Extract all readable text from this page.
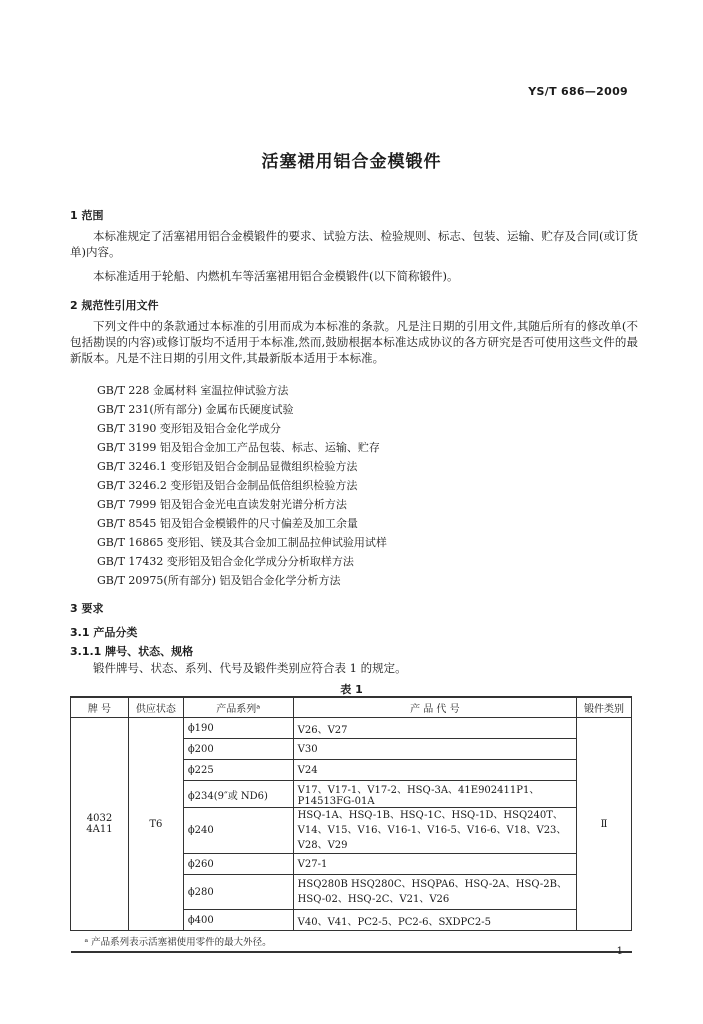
YS/T 686—2009
活塞裙用铝合金模锻件
1 范围
本标准规定了活塞裙用铝合金模锻件的要求、试验方法、检验规则、标志、包装、运输、贮存及合同(或订货单)内容。
本标准适用于轮船、内燃机车等活塞裙用铝合金模锻件(以下简称锻件)。
2 规范性引用文件
下列文件中的条款通过本标准的引用而成为本标准的条款。凡是注日期的引用文件,其随后所有的修改单(不包括勘误的内容)或修订版均不适用于本标准,然而,鼓励根据本标准达成协议的各方研究是否可使用这些文件的最新版本。凡是不注日期的引用文件,其最新版本适用于本标准。
GB/T 228 金属材料 室温拉伸试验方法
GB/T 231(所有部分) 金属布氏硬度试验
GB/T 3190 变形铝及铝合金化学成分
GB/T 3199 铝及铝合金加工产品包装、标志、运输、贮存
GB/T 3246.1 变形铝及铝合金制品显微组织检验方法
GB/T 3246.2 变形铝及铝合金制品低倍组织检验方法
GB/T 7999 铝及铝合金光电直读发射光谱分析方法
GB/T 8545 铝及铝合金模锻件的尺寸偏差及加工余量
GB/T 16865 变形铝、镁及其合金加工制品拉伸试验用试样
GB/T 17432 变形铝及铝合金化学成分分析取样方法
GB/T 20975(所有部分) 铝及铝合金化学分析方法
3 要求
3.1 产品分类
3.1.1 牌号、状态、规格
锻件牌号、状态、系列、代号及锻件类别应符合表 1 的规定。
表 1
牌 号	供应状态	产品系列ᵃ	产 品 代 号	锻件类别

4032
4A11	T6	ϕ190	V26、V27	Ⅱ
		ϕ200	V30	
		ϕ225	V24	
		ϕ234(9″或 ND6)	V17、V17-1、V17-2、HSQ-3A、41E902411P1、P14513FG-01A	
		ϕ240	HSQ-1A、HSQ-1B、HSQ-1C、HSQ-1D、HSQ240T、V14、V15、V16、V16-1、V16-5、V16-6、V18、V23、V28、V29	
		ϕ260	V27-1	
		ϕ280	HSQ280B HSQ280C、HSQPA6、HSQ-2A、HSQ-2B、HSQ-02、HSQ-2C、V21、V26	
		ϕ400	V40、V41、PC2-5、PC2-6、SXDPC2-5	
ᵃ 产品系列表示活塞裙使用零件的最大外径。				
1
